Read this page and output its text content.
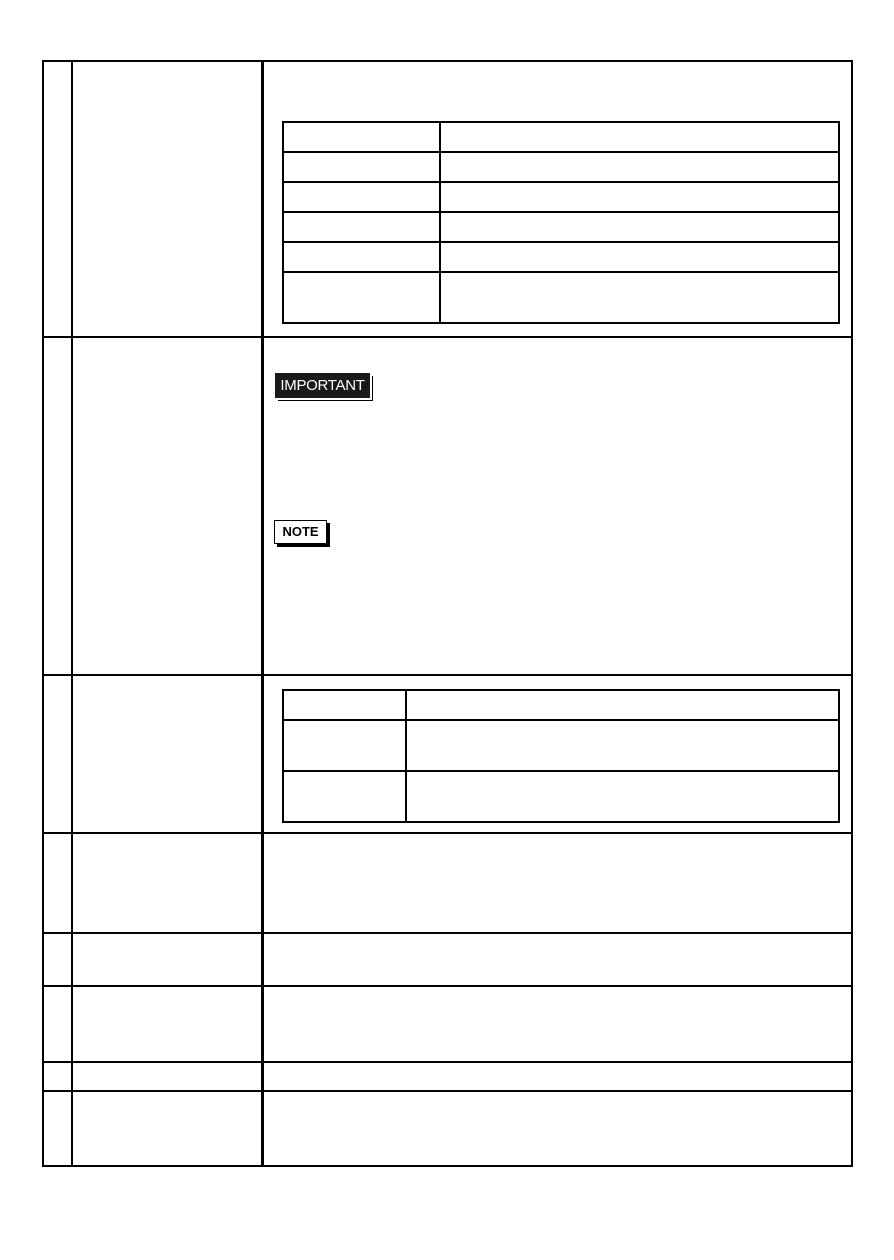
IMPORTANT
NOTE
